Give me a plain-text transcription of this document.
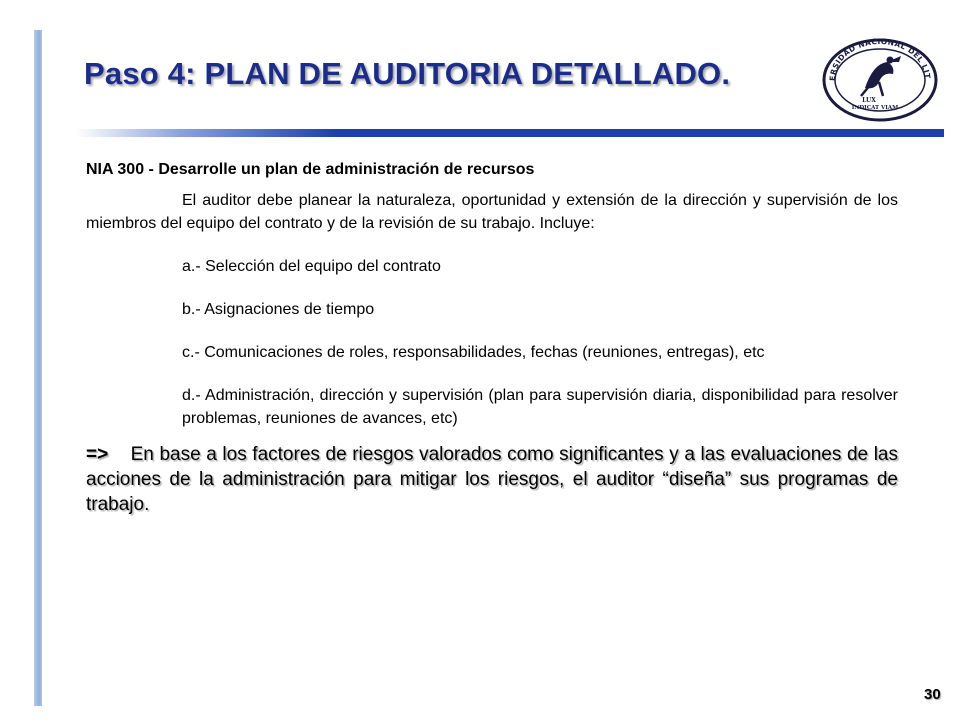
Paso 4: PLAN DE AUDITORIA DETALLADO.	ERSIDAD NACIONAL DEL LIT
LUX
INDICAT VIAM

NIA 300 - Desarrolle un plan de administración de recursos

El auditor debe planear la naturaleza, oportunidad y extensión de la dirección y supervisión de los miembros del equipo del contrato y de la revisión de su trabajo. Incluye:

a.- Selección del equipo del contrato

b.- Asignaciones de tiempo

c.- Comunicaciones de roles, responsabilidades, fechas (reuniones, entregas), etc

d.- Administración, dirección y supervisión (plan para supervisión diaria, disponibilidad para resolver problemas, reuniones de avances, etc)

=> En base a los factores de riesgos valorados como significantes y a las evaluaciones de las acciones de la administración para mitigar los riesgos, el auditor “diseña” sus programas de trabajo.

30
